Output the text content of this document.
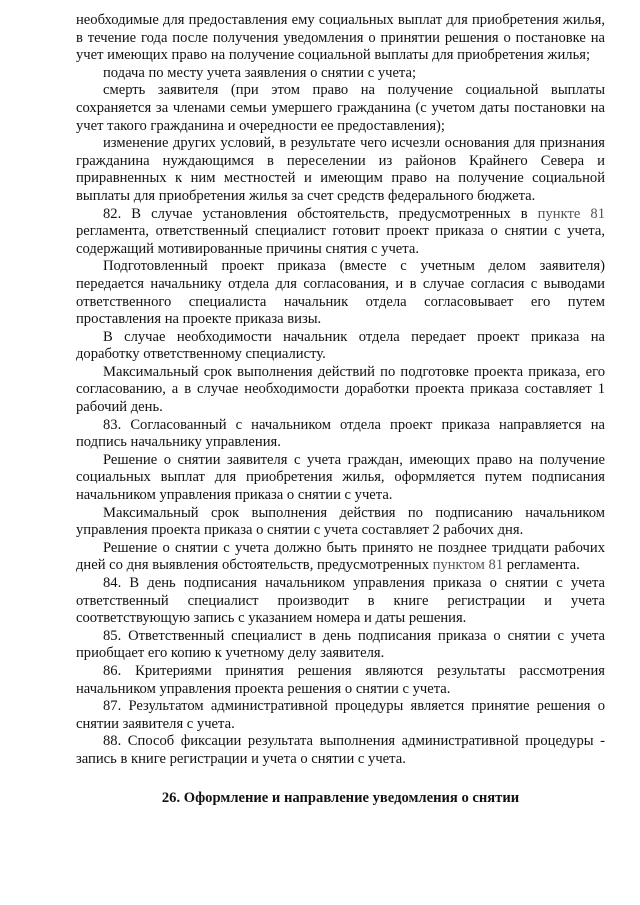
необходимые для предоставления ему социальных выплат для приобретения жилья, в течение года после получения уведомления о принятии решения о постановке на учет имеющих право на получение социальной выплаты для приобретения жилья;

подача по месту учета заявления о снятии с учета;

смерть заявителя (при этом право на получение социальной выплаты сохраняется за членами семьи умершего гражданина (с учетом даты постановки на учет такого гражданина и очередности ее предоставления);

изменение других условий, в результате чего исчезли основания для признания гражданина нуждающимся в переселении из районов Крайнего Севера и приравненных к ним местностей и имеющим право на получение социальной выплаты для приобретения жилья за счет средств федерального бюджета.

82. В случае установления обстоятельств, предусмотренных в пункте 81 регламента, ответственный специалист готовит проект приказа о снятии с учета, содержащий мотивированные причины снятия с учета.

Подготовленный проект приказа (вместе с учетным делом заявителя) передается начальнику отдела для согласования, и в случае согласия с выводами ответственного специалиста начальник отдела согласовывает его путем проставления на проекте приказа визы.

В случае необходимости начальник отдела передает проект приказа на доработку ответственному специалисту.

Максимальный срок выполнения действий по подготовке проекта приказа, его согласованию, а в случае необходимости доработки проекта приказа составляет 1 рабочий день.

83. Согласованный с начальником отдела проект приказа направляется на подпись начальнику управления.

Решение о снятии заявителя с учета граждан, имеющих право на получение социальных выплат для приобретения жилья, оформляется путем подписания начальником управления приказа о снятии с учета.

Максимальный срок выполнения действия по подписанию начальником управления проекта приказа о снятии с учета составляет 2 рабочих дня.

Решение о снятии с учета должно быть принято не позднее тридцати рабочих дней со дня выявления обстоятельств, предусмотренных пунктом 81 регламента.

84. В день подписания начальником управления приказа о снятии с учета ответственный специалист производит в книге регистрации и учета соответствующую запись с указанием номера и даты решения.

85. Ответственный специалист в день подписания приказа о снятии с учета приобщает его копию к учетному делу заявителя.

86. Критериями принятия решения являются результаты рассмотрения начальником управления проекта решения о снятии с учета.

87. Результатом административной процедуры является принятие решения о снятии заявителя с учета.

88. Способ фиксации результата выполнения административной процедуры - запись в книге регистрации и учета о снятии с учета.

26. Оформление и направление уведомления о снятии
